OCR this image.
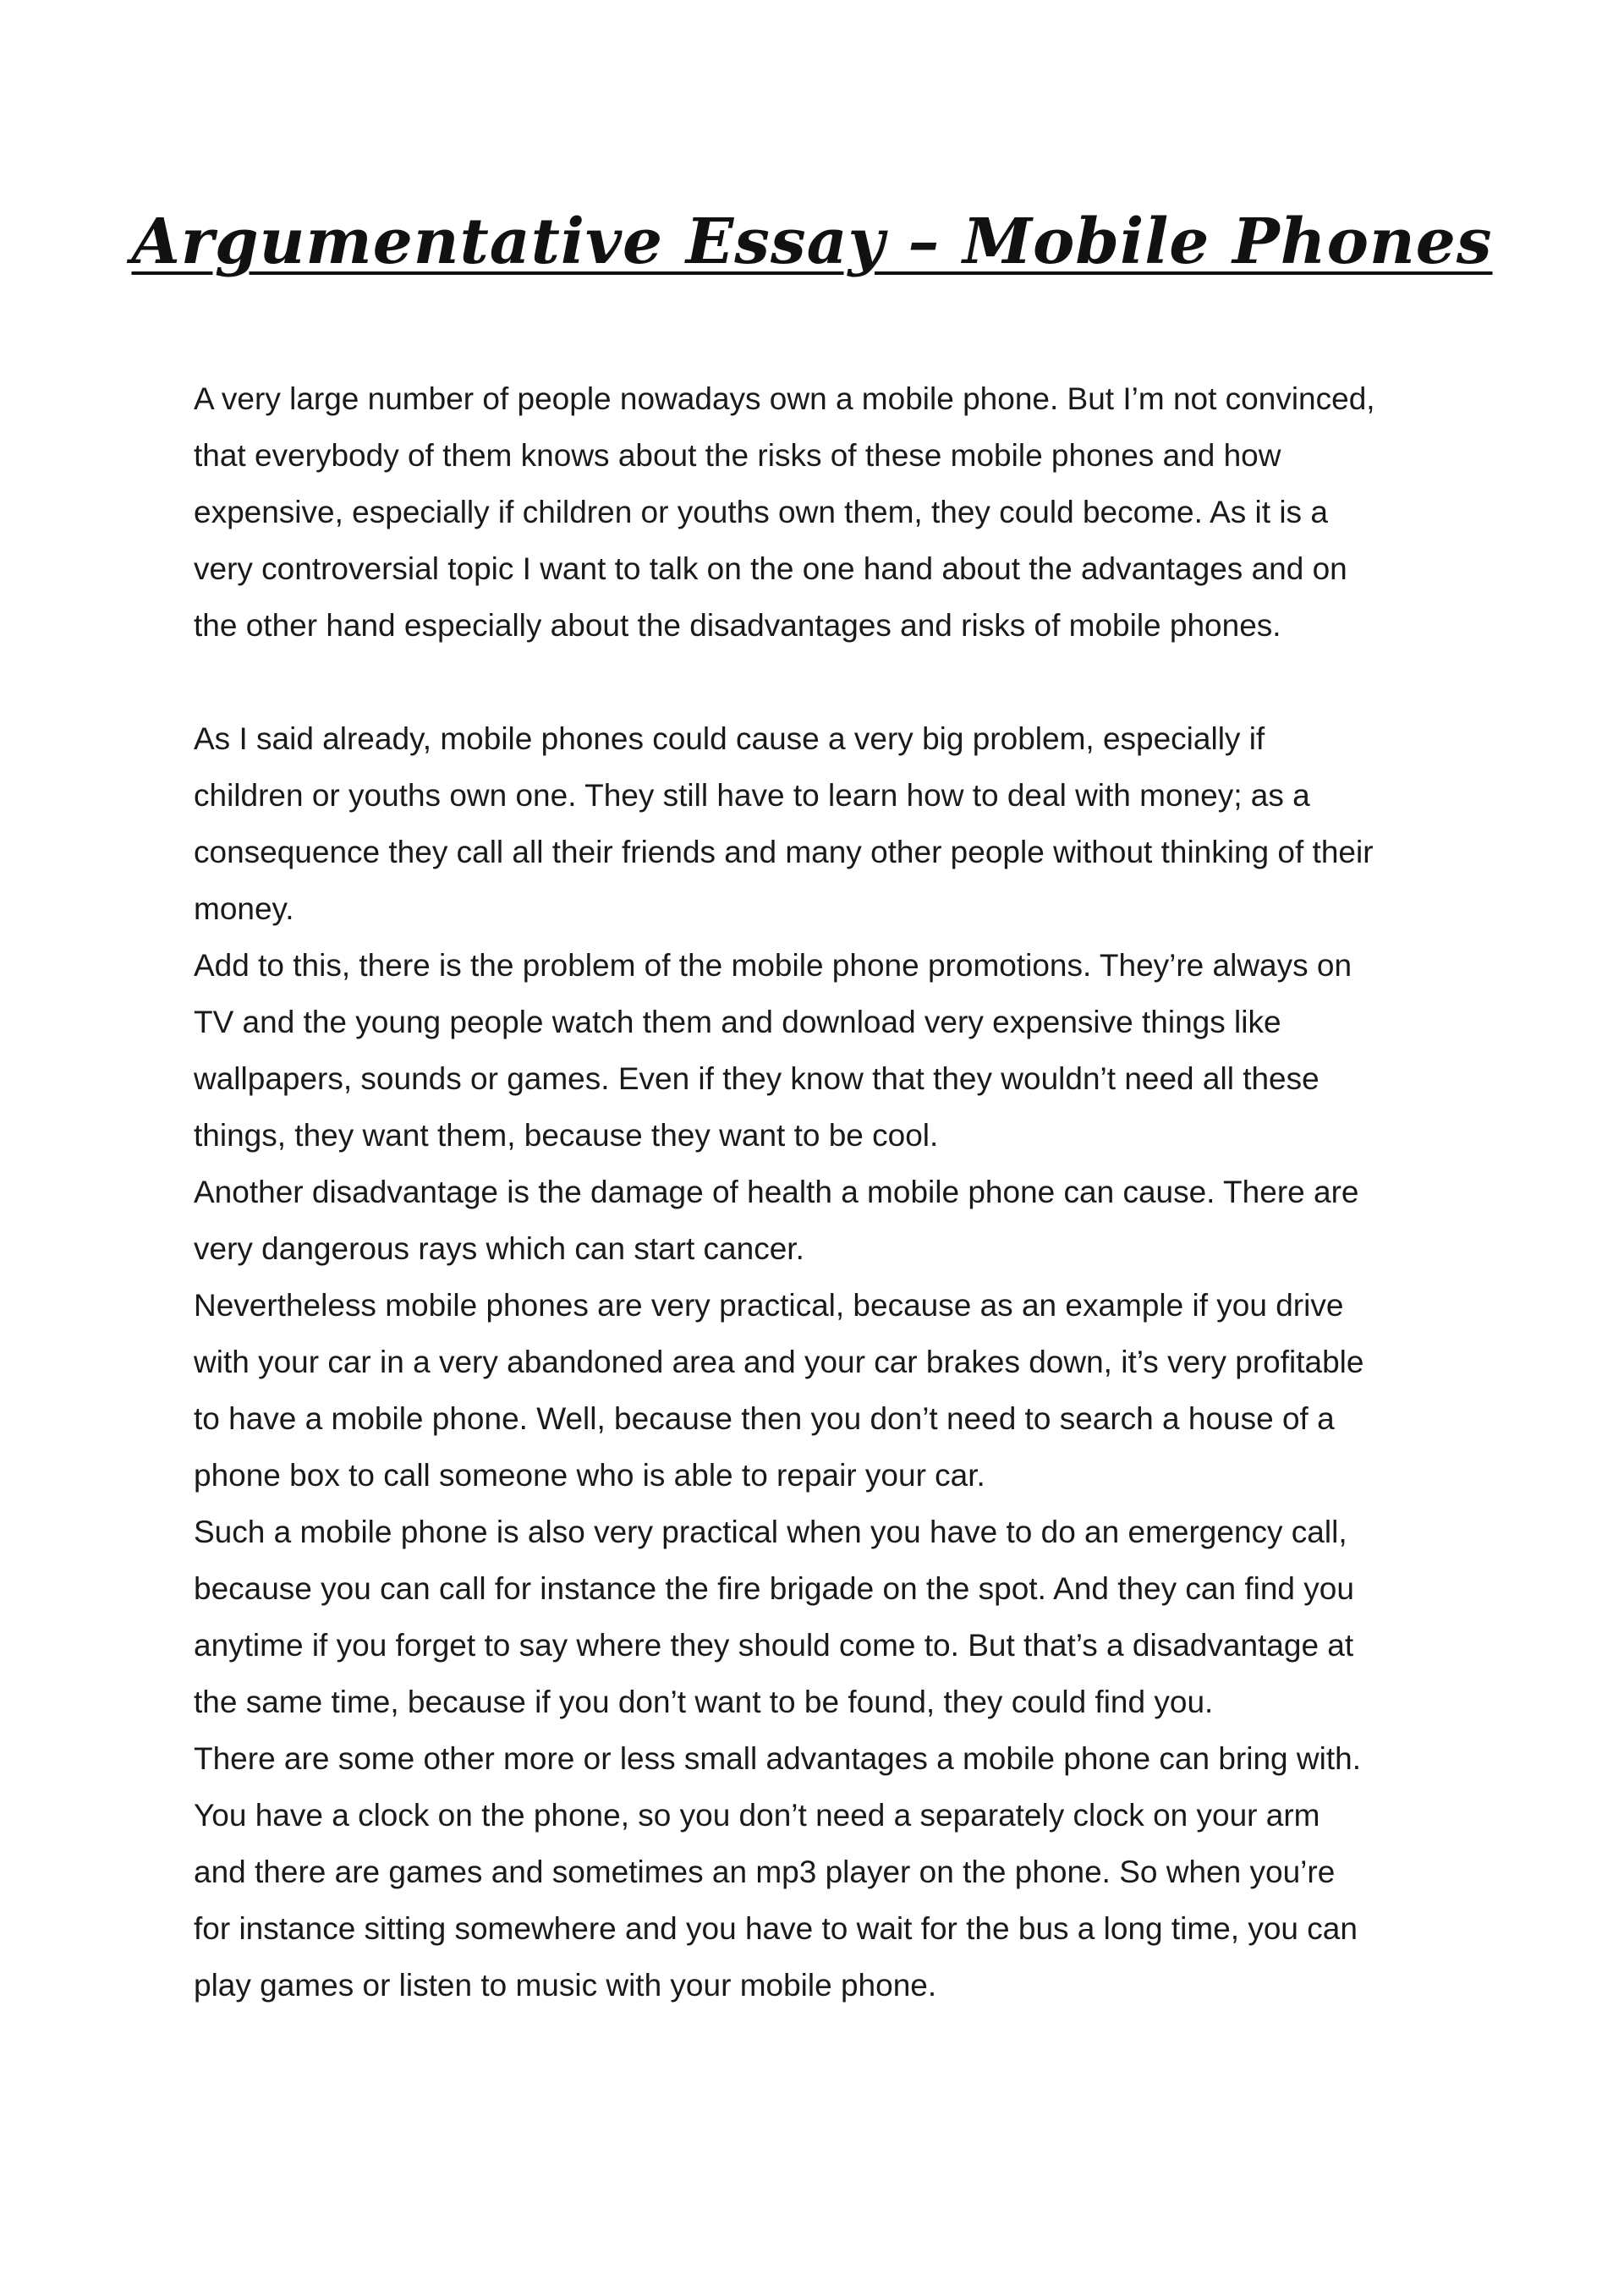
Argumentative Essay – Mobile Phones
A very large number of people nowadays own a mobile phone. But I’m not convinced,
that everybody of them knows about the risks of these mobile phones and how
expensive, especially if children or youths own them, they could become. As it is a
very controversial topic I want to talk on the one hand about the advantages and on
the other hand especially about the disadvantages and risks of mobile phones.
As I said already, mobile phones could cause a very big problem, especially if
children or youths own one. They still have to learn how to deal with money; as a
consequence they call all their friends and many other people without thinking of their
money.
Add to this, there is the problem of the mobile phone promotions. They’re always on
TV and the young people watch them and download very expensive things like
wallpapers, sounds or games. Even if they know that they wouldn’t need all these
things, they want them, because they want to be cool.
Another disadvantage is the damage of health a mobile phone can cause. There are
very dangerous rays which can start cancer.
Nevertheless mobile phones are very practical, because as an example if you drive
with your car in a very abandoned area and your car brakes down, it’s very profitable
to have a mobile phone. Well, because then you don’t need to search a house of a
phone box to call someone who is able to repair your car.
Such a mobile phone is also very practical when you have to do an emergency call,
because you can call for instance the fire brigade on the spot. And they can find you
anytime if you forget to say where they should come to. But that’s a disadvantage at
the same time, because if you don’t want to be found, they could find you.
There are some other more or less small advantages a mobile phone can bring with.
You have a clock on the phone, so you don’t need a separately clock on your arm
and there are games and sometimes an mp3 player on the phone. So when you’re
for instance sitting somewhere and you have to wait for the bus a long time, you can
play games or listen to music with your mobile phone.
